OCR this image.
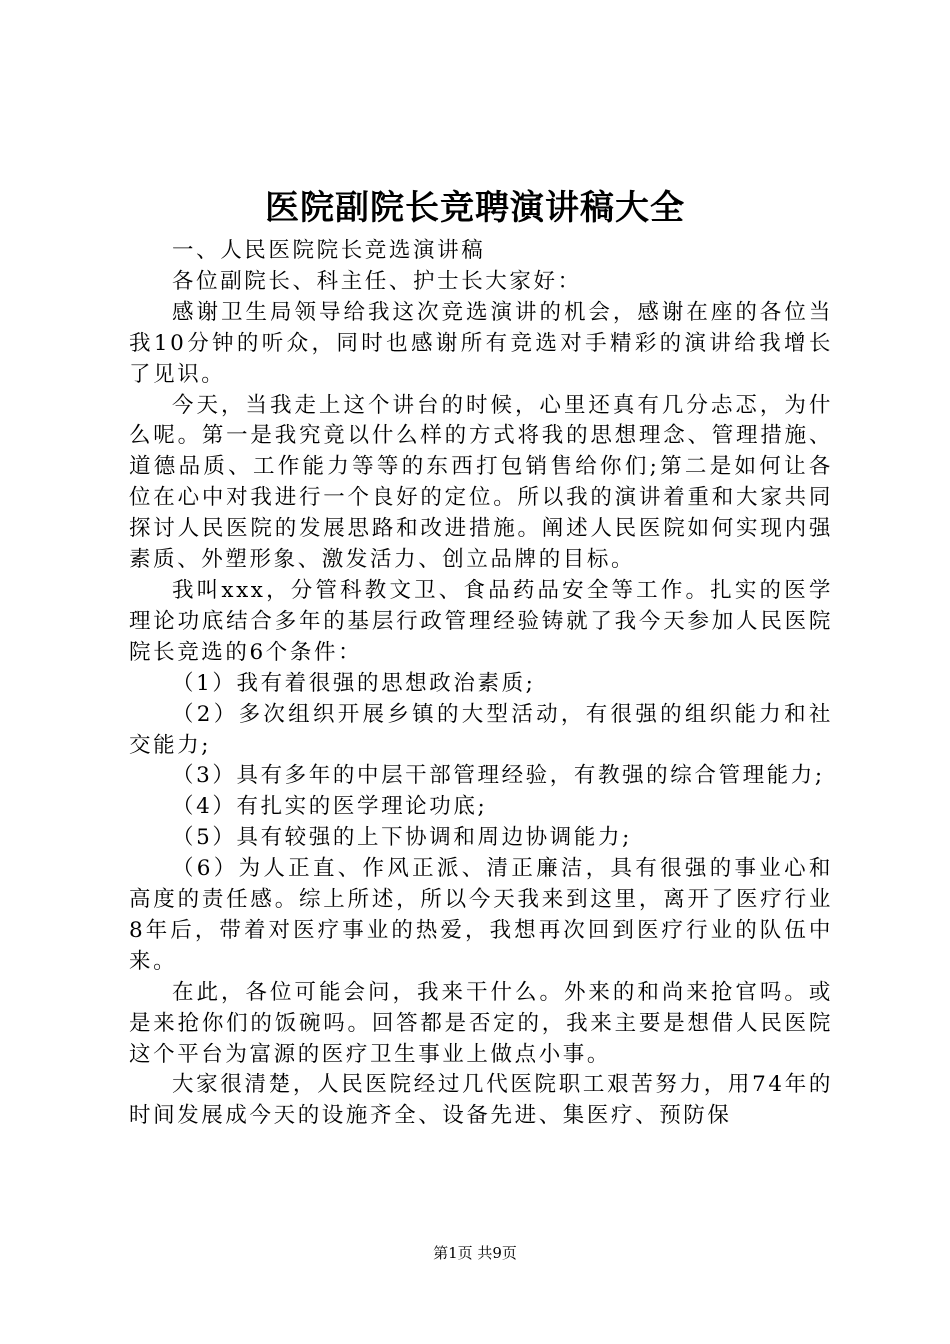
医院副院长竞聘演讲稿大全

一、人民医院院长竞选演讲稿

各位副院长、科主任、护士长大家好：

感谢卫生局领导给我这次竞选演讲的机会，感谢在座的各位当我10分钟的听众，同时也感谢所有竞选对手精彩的演讲给我增长了见识。

今天，当我走上这个讲台的时候，心里还真有几分忐忑，为什么呢。第一是我究竟以什么样的方式将我的思想理念、管理措施、道德品质、工作能力等等的东西打包销售给你们;第二是如何让各位在心中对我进行一个良好的定位。所以我的演讲着重和大家共同探讨人民医院的发展思路和改进措施。阐述人民医院如何实现内强素质、外塑形象、激发活力、创立品牌的目标。

我叫xxx，分管科教文卫、食品药品安全等工作。扎实的医学理论功底结合多年的基层行政管理经验铸就了我今天参加人民医院院长竞选的6个条件：

（1）我有着很强的思想政治素质;

（2）多次组织开展乡镇的大型活动，有很强的组织能力和社交能力;

（3）具有多年的中层干部管理经验，有教强的综合管理能力;

（4）有扎实的医学理论功底;

（5）具有较强的上下协调和周边协调能力;

（6）为人正直、作风正派、清正廉洁，具有很强的事业心和高度的责任感。综上所述，所以今天我来到这里，离开了医疗行业8年后，带着对医疗事业的热爱，我想再次回到医疗行业的队伍中来。

在此，各位可能会问，我来干什么。外来的和尚来抢官吗。或是来抢你们的饭碗吗。回答都是否定的，我来主要是想借人民医院这个平台为富源的医疗卫生事业上做点小事。

大家很清楚，人民医院经过几代医院职工艰苦努力，用74年的时间发展成今天的设施齐全、设备先进、集医疗、预防保

第1页 共9页
